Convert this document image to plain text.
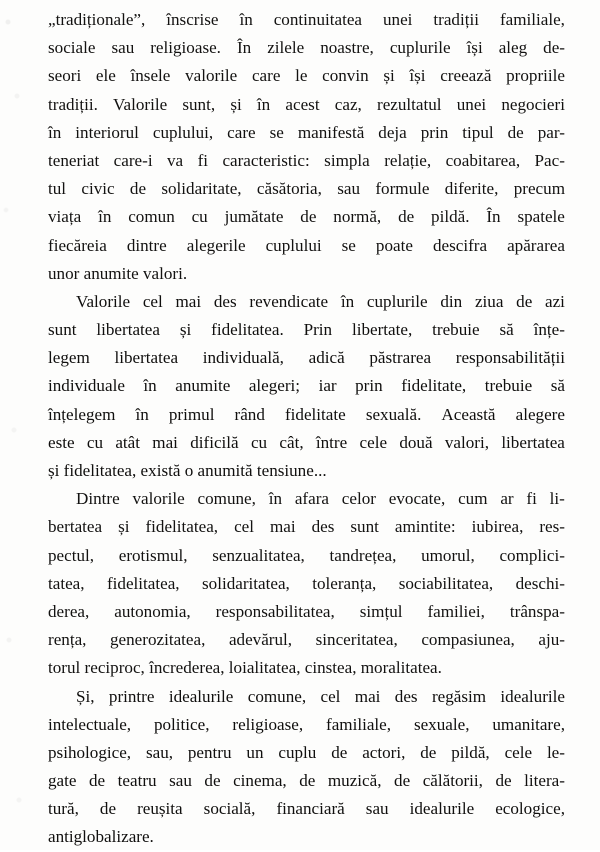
„tradiționale”, înscrise în continuitatea unei tradiții familiale,
sociale sau religioase. În zilele noastre, cuplurile își aleg de-
seori ele însele valorile care le convin și își creează propriile
tradiții. Valorile sunt, și în acest caz, rezultatul unei negocieri
în interiorul cuplului, care se manifestă deja prin tipul de par-
teneriat care-i va fi caracteristic: simpla relație, coabitarea, Pac-
tul civic de solidaritate, căsătoria, sau formule diferite, precum
viața în comun cu jumătate de normă, de pildă. În spatele
fiecăreia dintre alegerile cuplului se poate descifra apărarea
unor anumite valori.

Valorile cel mai des revendicate în cuplurile din ziua de azi
sunt libertatea și fidelitatea. Prin libertate, trebuie să înțe-
legem libertatea individuală, adică păstrarea responsabilității
individuale în anumite alegeri; iar prin fidelitate, trebuie să
înțelegem în primul rând fidelitate sexuală. Această alegere
este cu atât mai dificilă cu cât, între cele două valori, libertatea
și fidelitatea, există o anumită tensiune...

Dintre valorile comune, în afara celor evocate, cum ar fi li-
bertatea și fidelitatea, cel mai des sunt amintite: iubirea, res-
pectul, erotismul, senzualitatea, tandrețea, umorul, complici-
tatea, fidelitatea, solidaritatea, toleranța, sociabilitatea, deschi-
derea, autonomia, responsabilitatea, simțul familiei, trânspa-
rența, generozitatea, adevărul, sinceritatea, compasiunea, aju-
torul reciproc, încrederea, loialitatea, cinstea, moralitatea.

Și, printre idealurile comune, cel mai des regăsim idealurile
intelectuale, politice, religioase, familiale, sexuale, umanitare,
psihologice, sau, pentru un cuplu de actori, de pildă, cele le-
gate de teatru sau de cinema, de muzică, de călătorii, de litera-
tură, de reușita socială, financiară sau idealurile ecologice,
antiglobalizare.
